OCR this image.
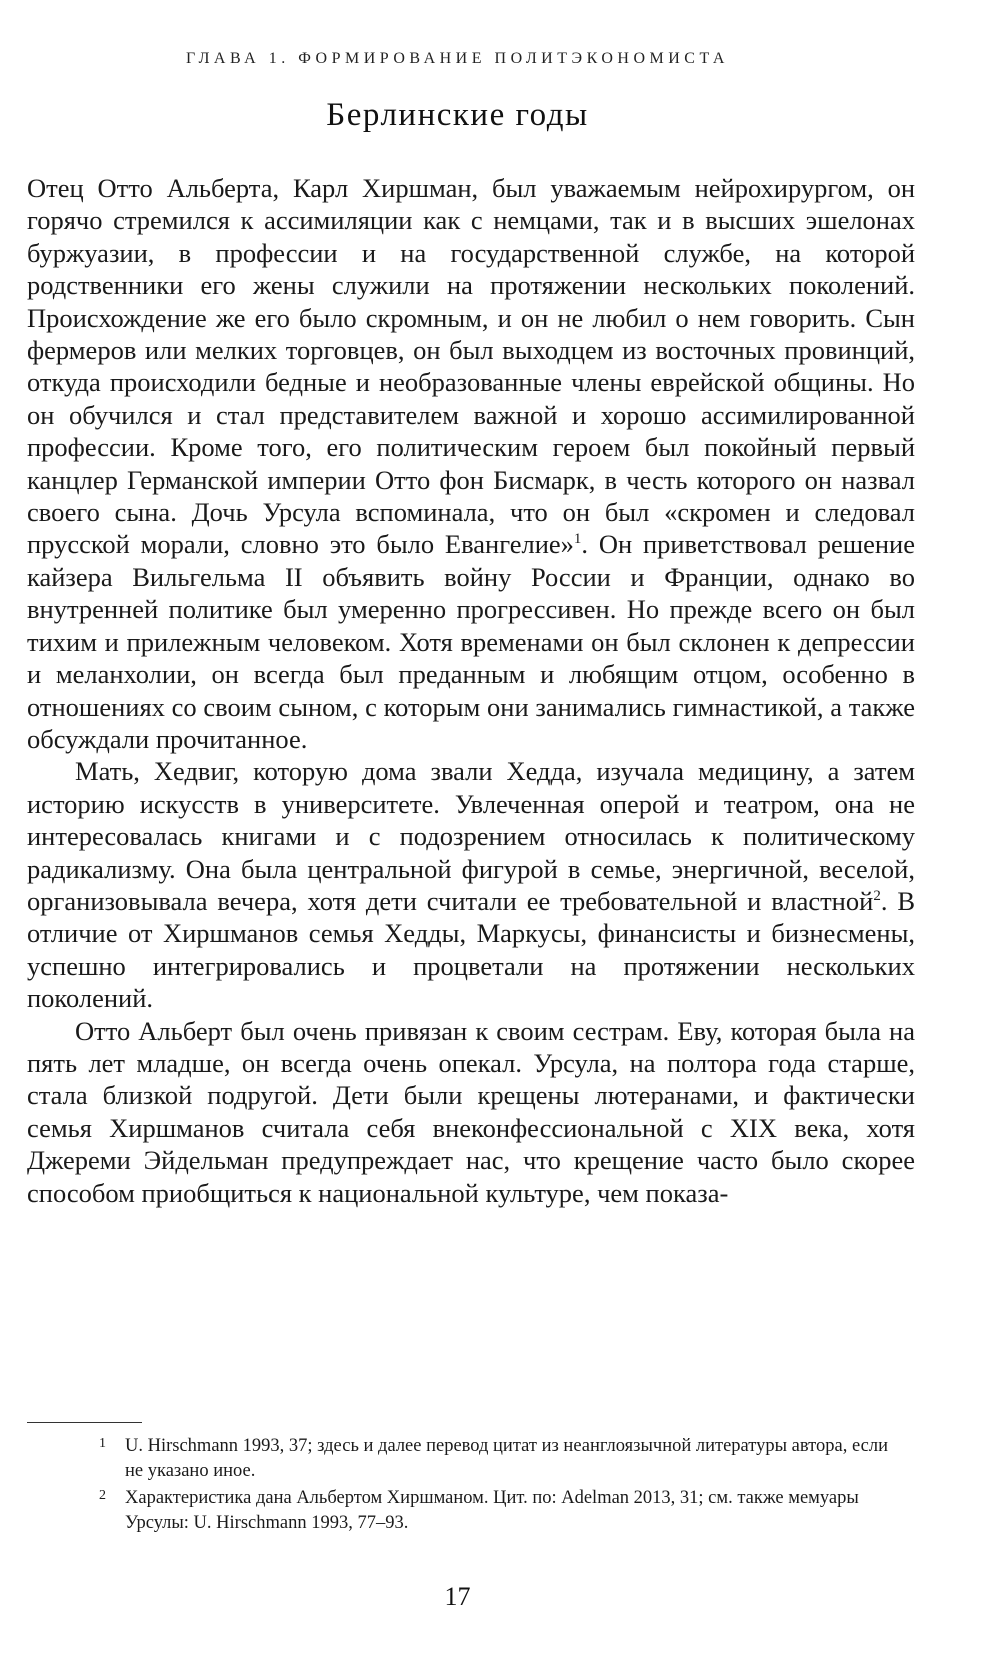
ГЛАВА 1. ФОРМИРОВАНИЕ ПОЛИТЭКОНОМИСТА
Берлинские годы

Отец Отто Альберта, Карл Хиршман, был уважаемым нейрохирургом, он горячо стремился к ассимиляции как с немцами, так и в высших эшелонах буржуазии, в профессии и на государственной службе, на которой родственники его жены служили на протяжении нескольких поколений. Происхождение же его было скромным, и он не любил о нем говорить. Сын фермеров или мелких торговцев, он был выходцем из восточных провинций, откуда происходили бедные и необразованные члены еврейской общины. Но он обучился и стал представителем важной и хорошо ассимилированной профессии. Кроме того, его политическим героем был покойный первый канцлер Германской империи Отто фон Бисмарк, в честь которого он назвал своего сына. Дочь Урсула вспоминала, что он был «скромен и следовал прусской морали, словно это было Евангелие»$^1$. Он приветствовал решение кайзера Вильгельма II объявить войну России и Франции, однако во внутренней политике был умеренно прогрессивен. Но прежде всего он был тихим и прилежным человеком. Хотя временами он был склонен к депрессии и меланхолии, он всегда был преданным и любящим отцом, особенно в отношениях со своим сыном, с которым они занимались гимнастикой, а также обсуждали прочитанное.

Мать, Хедвиг, которую дома звали Хедда, изучала медицину, а затем историю искусств в университете. Увлеченная оперой и театром, она не интересовалась книгами и с подозрением относилась к политическому радикализму. Она была центральной фигурой в семье, энергичной, веселой, организовывала вечера, хотя дети считали ее требовательной и властной$^2$. В отличие от Хиршманов семья Хедды, Маркусы, финансисты и бизнесмены, успешно интегрировались и процветали на протяжении нескольких поколений.

Отто Альберт был очень привязан к своим сестрам. Еву, которая была на пять лет младше, он всегда очень опекал. Урсула, на полтора года старше, стала близкой подругой. Дети были крещены лютеранами, и фактически семья Хиршманов считала себя внеконфессиональной с XIX века, хотя Джереми Эйдельман предупреждает нас, что крещение часто было скорее способом приобщиться к национальной культуре, чем показа-

1 U. Hirschmann 1993, 37; здесь и далее перевод цитат из неанглоязычной литературы автора, если не указано иное.
2 Характеристика дана Альбертом Хиршманом. Цит. по: Adelman 2013, 31; см. также мемуары Урсулы: U. Hirschmann 1993, 77–93.
17
